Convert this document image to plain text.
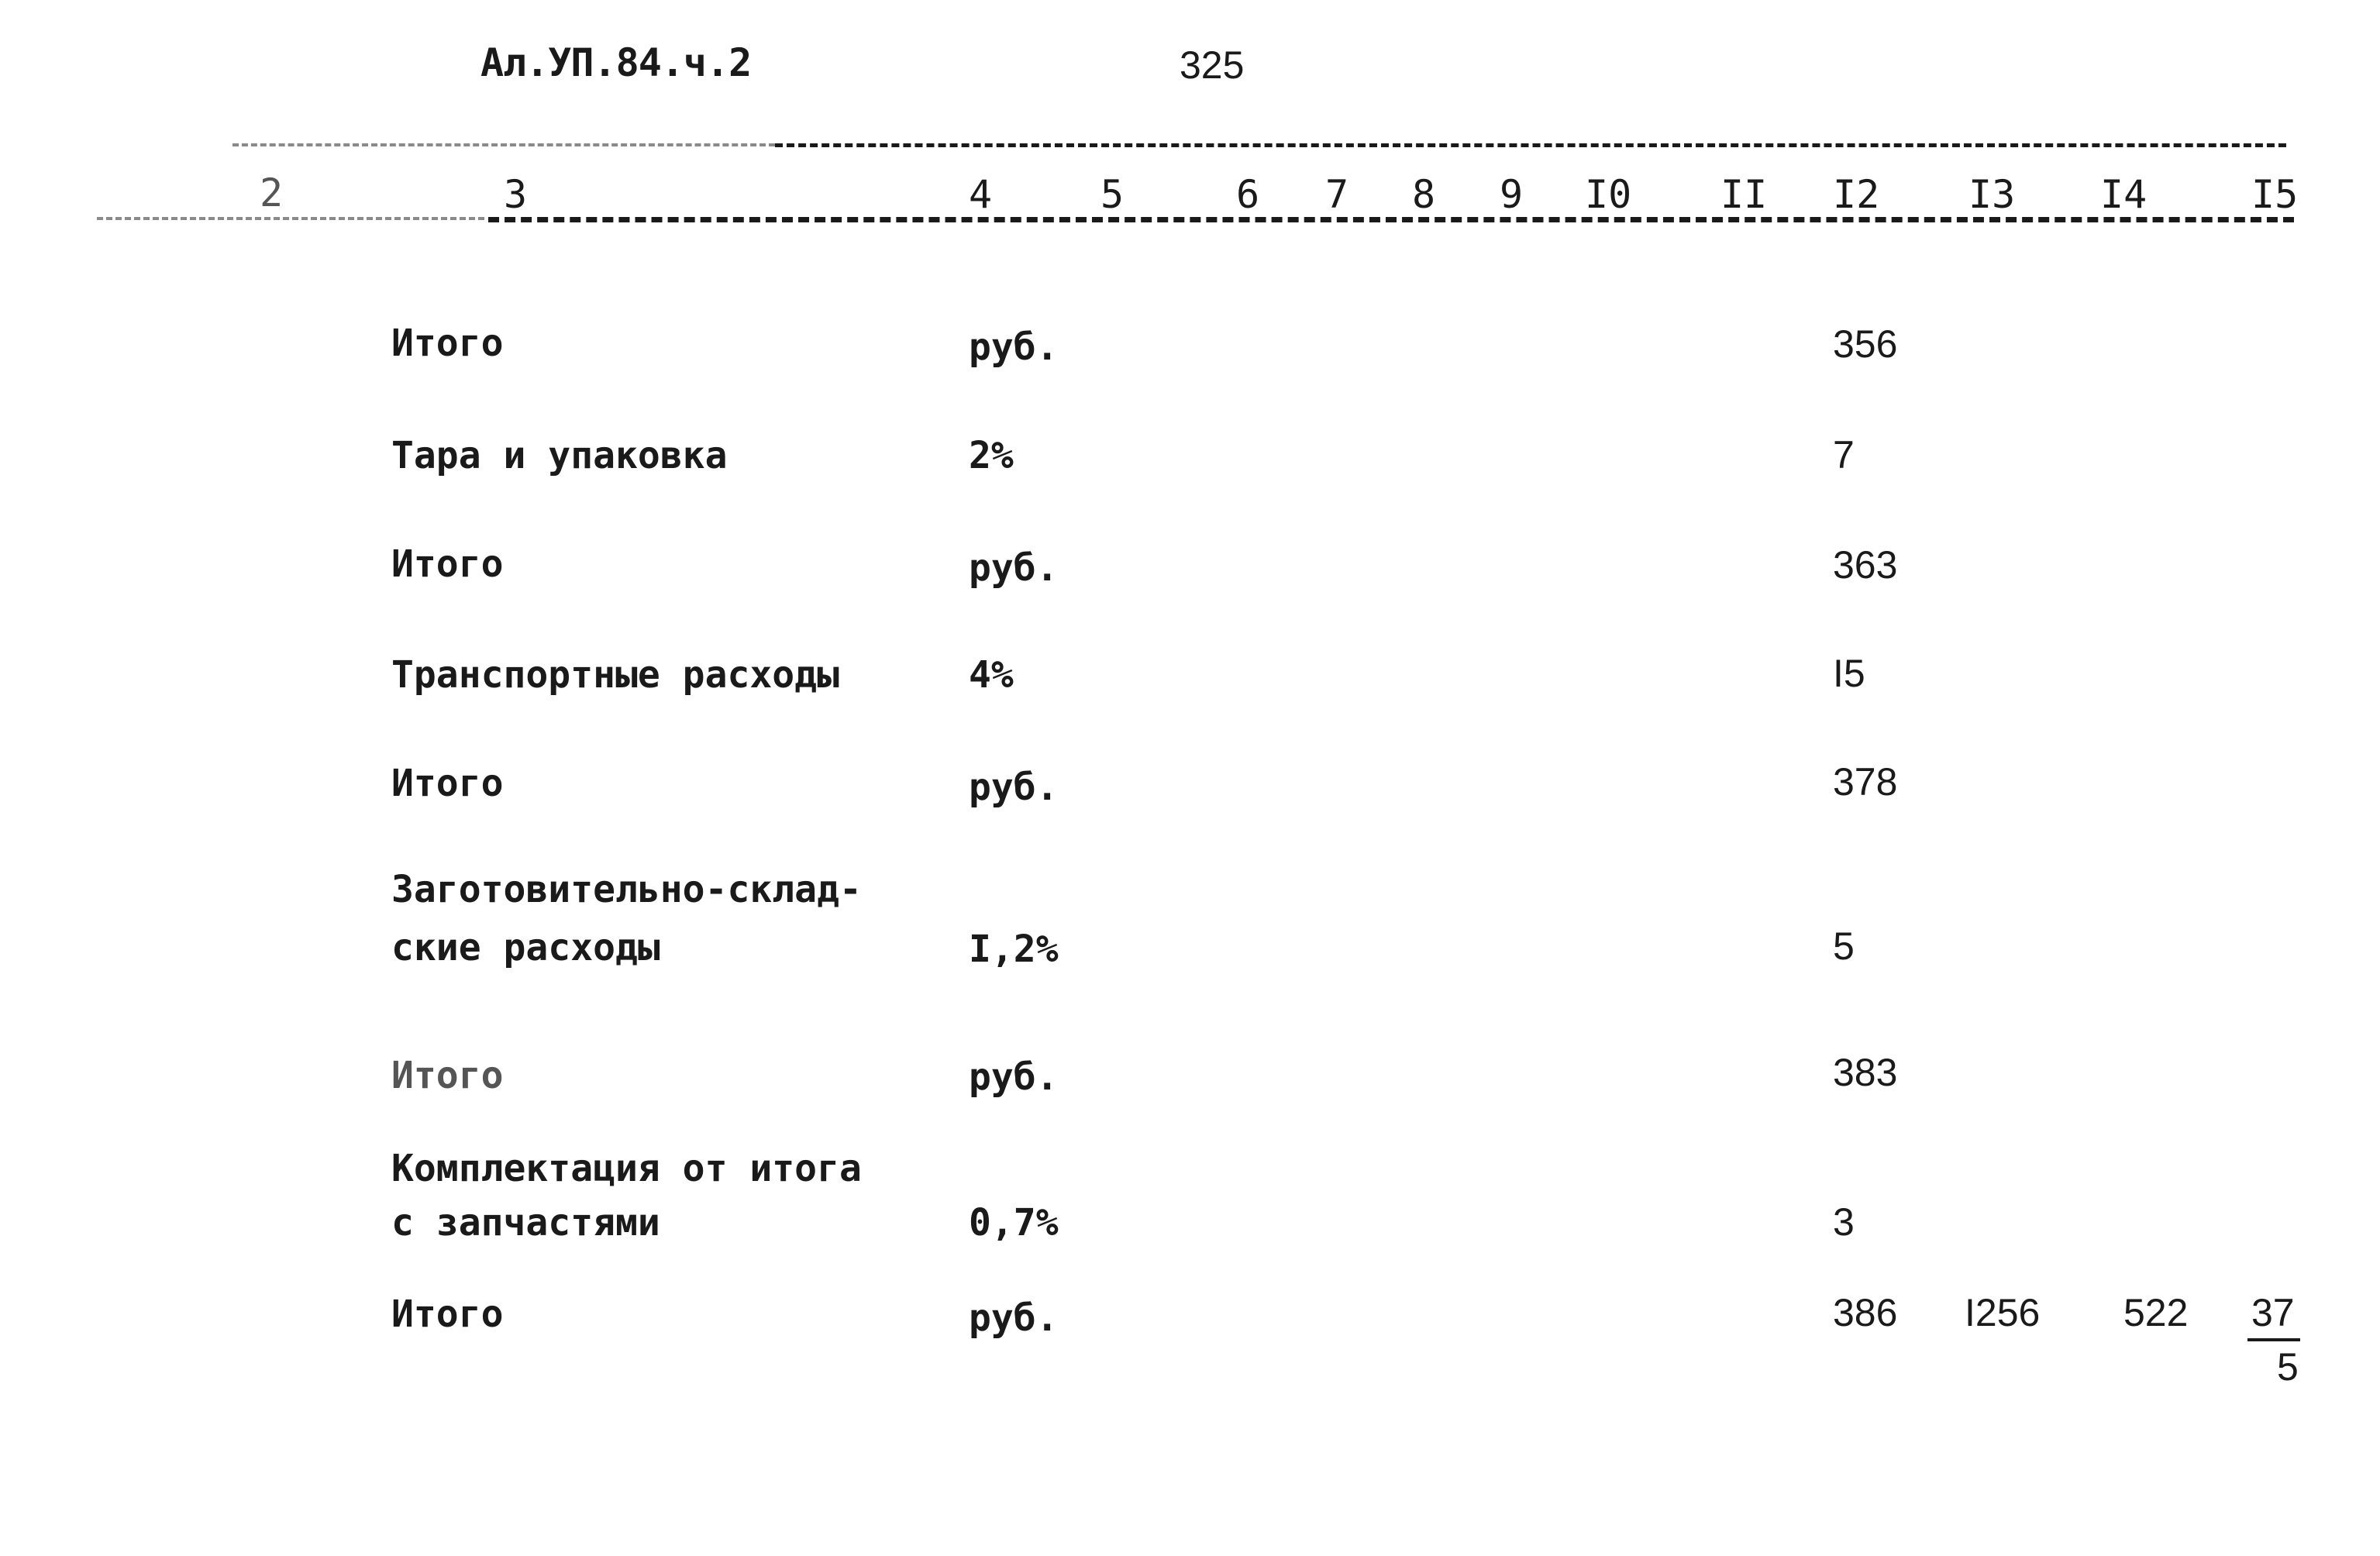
Ал.УП.84.ч.2	325
2	3	4	5	6 7 8 9 I0 II I2 I3 I4	I5
Итого	руб.	356
Тара и упаковка	2%	7
Итого	руб.	363
Транспортные расходы	4%	I5
Итого	руб.	378
Заготовительно-склад-
ские расходы	I,2%	5
Итого	руб.	383
Комплектация от итога
с запчастями	0,7%	3
Итого	руб.	386 I256 522 37
5
